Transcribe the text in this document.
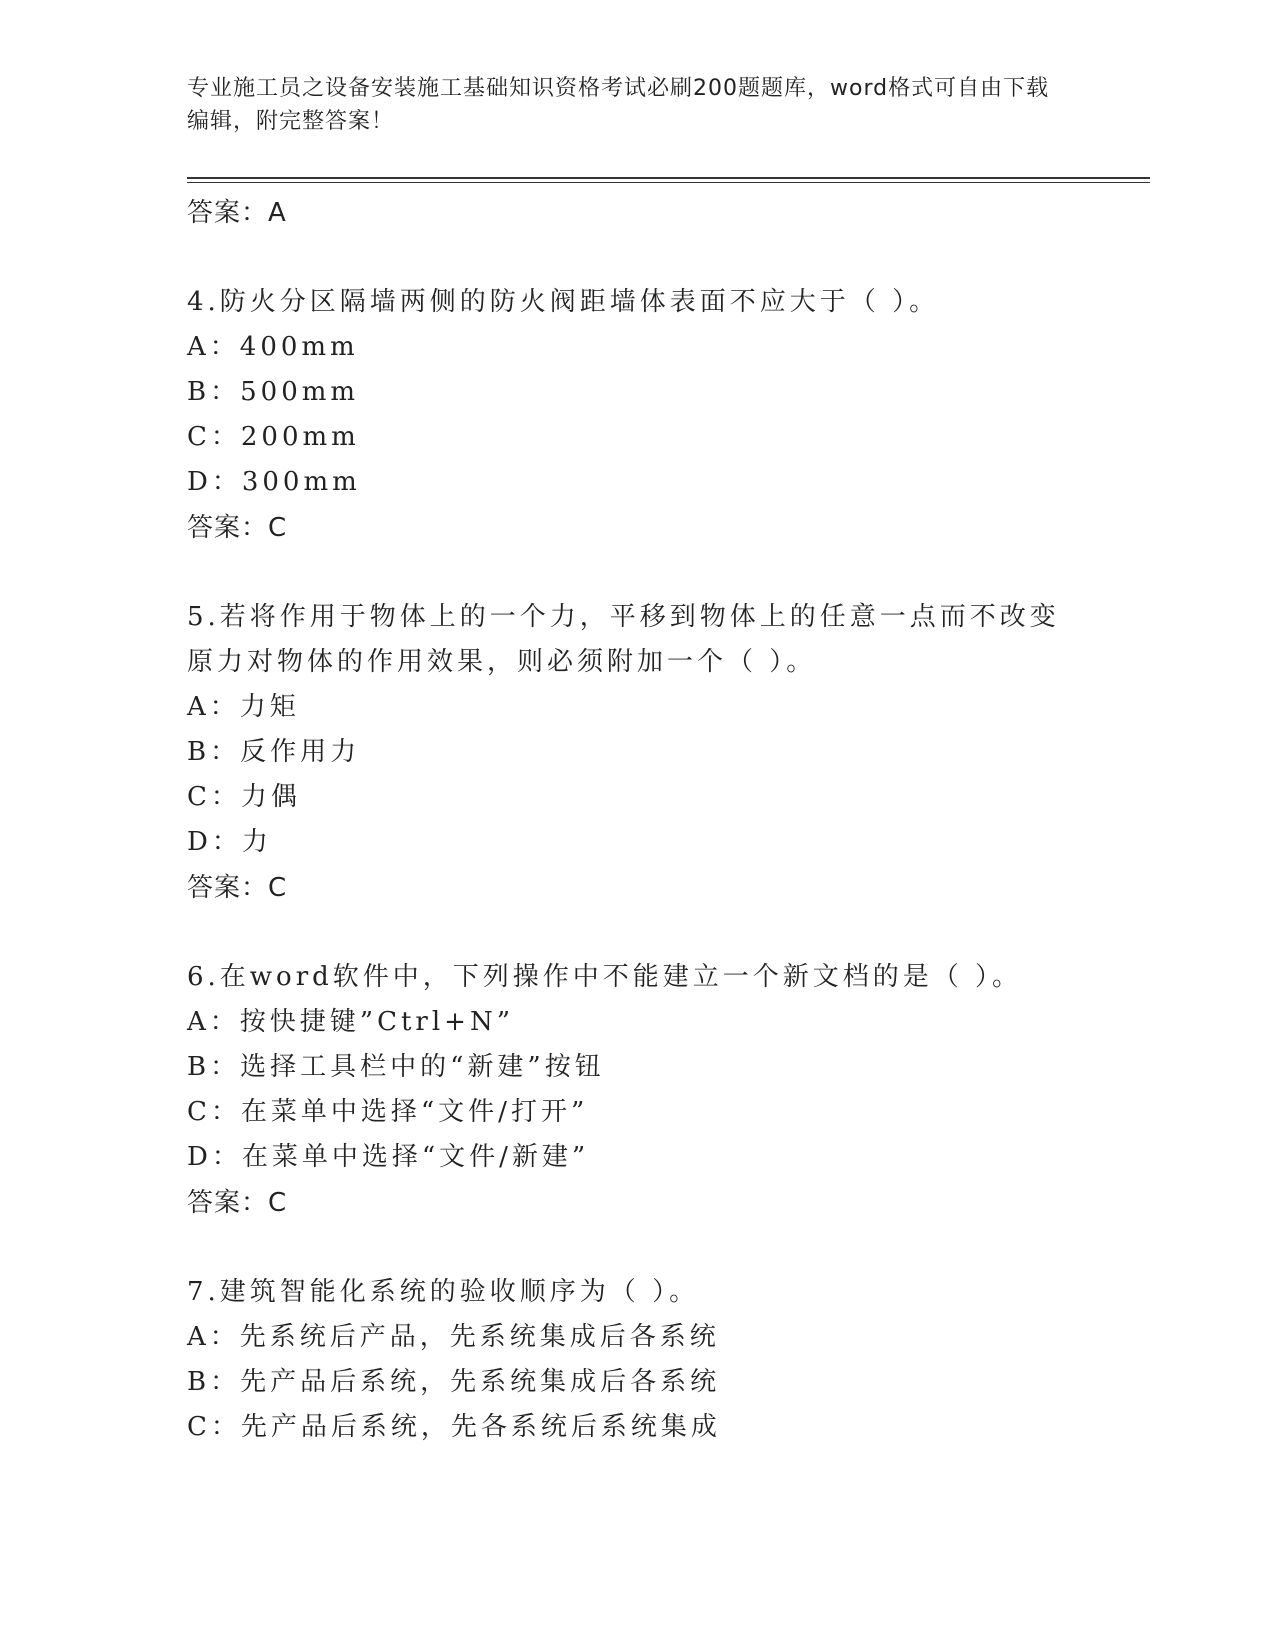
专业施工员之设备安装施工基础知识资格考试必刷200题题库，word格式可自由下载编辑，附完整答案！
答案：A
4.防火分区隔墙两侧的防火阀距墙体表面不应大于（ ）。
A：400mm
B：500mm
C：200mm
D：300mm
答案：C
5.若将作用于物体上的一个力，平移到物体上的任意一点而不改变原力对物体的作用效果，则必须附加一个（ ）。
A：力矩
B：反作用力
C：力偶
D：力
答案：C
6.在word软件中，下列操作中不能建立一个新文档的是（ ）。
A：按快捷键”Ctrl+N”
B：选择工具栏中的“新建”按钮
C：在菜单中选择“文件/打开”
D：在菜单中选择“文件/新建”
答案：C
7.建筑智能化系统的验收顺序为（ ）。
A：先系统后产品，先系统集成后各系统
B：先产品后系统，先系统集成后各系统
C：先产品后系统，先各系统后系统集成
